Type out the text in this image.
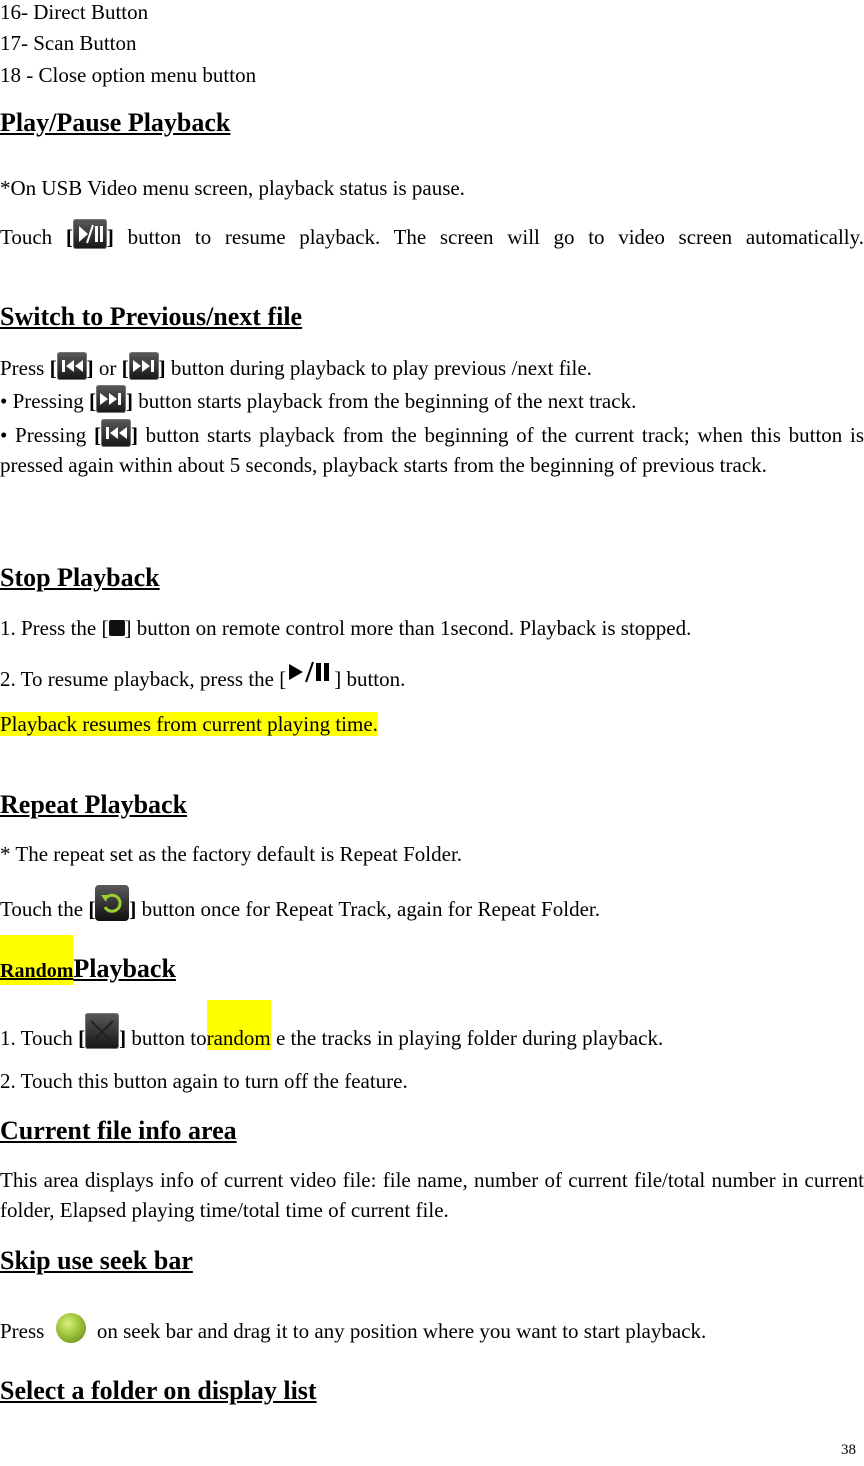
16- Direct Button
17- Scan Button
18 - Close option menu button
Play/Pause Playback
*On USB Video menu screen, playback status is pause.
Touch [ ] button to resume playback. The screen will go to video screen automatically.
Switch to Previous/next file
Press [ ] or [ ] button during playback to play previous /next file.
• Pressing [ ] button starts playback from the beginning of the next track.
• Pressing [ ] button starts playback from the beginning of the current track; when this button is pressed again within about 5 seconds, playback starts from the beginning of previous track.
Stop Playback
1. Press the [ ] button on remote control more than 1second. Playback is stopped.
2. To resume playback, press the [ ] button.
Playback resumes from current playing time.
Repeat Playback
* The repeat set as the factory default is Repeat Folder.
Touch the [ ] button once for Repeat Track, again for Repeat Folder.
RandomPlayback
1. Touch [ ] button torandom e the tracks in playing folder during playback.
2. Touch this button again to turn off the feature.
Current file info area
This area displays info of current video file: file name, number of current file/total number in current folder, Elapsed playing time/total time of current file.
Skip use seek bar
Press	on seek bar and drag it to any position where you want to start playback.
Select a folder on display list
38
